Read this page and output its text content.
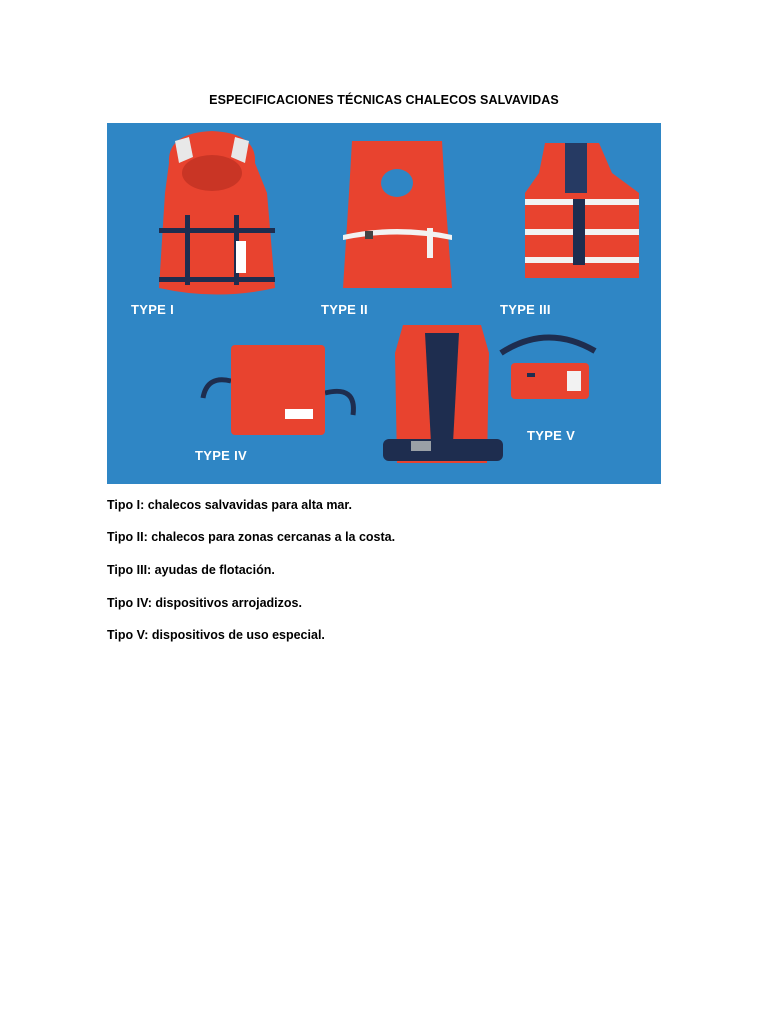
ESPECIFICACIONES TÉCNICAS CHALECOS SALVAVIDAS
TYPE I	TYPE II	TYPE III
TYPE IV
TYPE V
Tipo I: chalecos salvavidas para alta mar.
Tipo II: chalecos para zonas cercanas a la costa.
Tipo III: ayudas de flotación.
Tipo IV: dispositivos arrojadizos.
Tipo V: dispositivos de uso especial.
